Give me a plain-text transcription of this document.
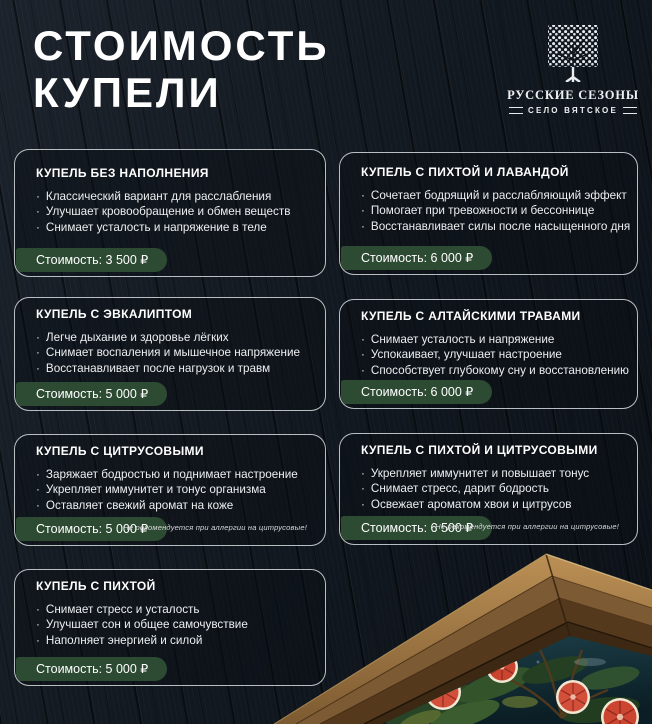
СТОИМОСТЬ
КУПЕЛИ	РУССКИЕ СЕЗОНЫ
СЕЛО ВЯТСКОЕ
КУПЕЛЬ БЕЗ НАПОЛНЕНИЯ
· Классический вариант для расслабления
· Улучшает кровообращение и обмен веществ
· Снимает усталость и напряжение в теле
Стоимость: 3 500 ₽
КУПЕЛЬ С ПИХТОЙ И ЛАВАНДОЙ
· Сочетает бодрящий и расслабляющий эффект
· Помогает при тревожности и бессоннице
· Восстанавливает силы после насыщенного дня
Стоимость: 6 000 ₽
КУПЕЛЬ С ЭВКАЛИПТОМ
· Легче дыхание и здоровье лёгких
· Снимает воспаления и мышечное напряжение
· Восстанавливает после нагрузок и травм
Стоимость: 5 000 ₽
КУПЕЛЬ С АЛТАЙСКИМИ ТРАВАМИ
· Снимает усталость и напряжение
· Успокаивает, улучшает настроение
· Способствует глубокому сну и восстановлению
Стоимость: 6 000 ₽
КУПЕЛЬ С ЦИТРУСОВЫМИ
· Заряжает бодростью и поднимает настроение
· Укрепляет иммунитет и тонус организма
· Оставляет свежий аромат на коже
Стоимость: 5 000 ₽
Не рекомендуется при аллергии на цитрусовые!
КУПЕЛЬ С ПИХТОЙ И ЦИТРУСОВЫМИ
· Укрепляет иммунитет и повышает тонус
· Снимает стресс, дарит бодрость
· Освежает ароматом хвои и цитрусов
Стоимость: 6 500 ₽
Не рекомендуется при аллергии на цитрусовые!
КУПЕЛЬ С ПИХТОЙ
· Снимает стресс и усталость
· Улучшает сон и общее самочувствие
· Наполняет энергией и силой
Стоимость: 5 000 ₽
